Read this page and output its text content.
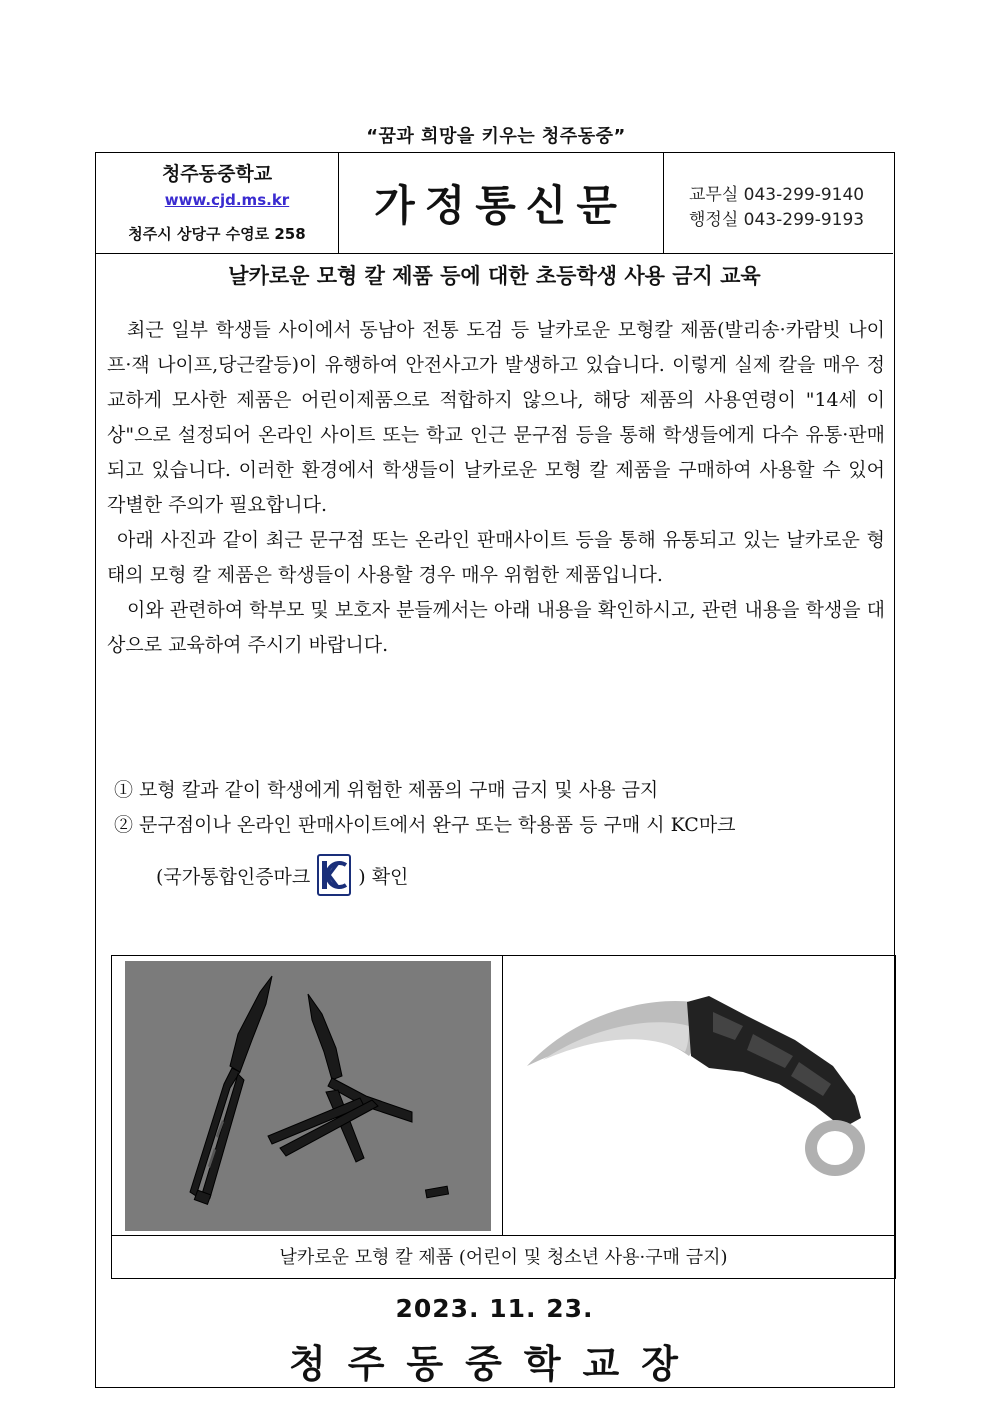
“꿈과 희망을 키우는 청주동중”
청주동중학교
www.cjd.ms.kr
청주시 상당구 수영로 258
가정통신문	교무실 043-299-9140
행정실 043-299-9193
날카로운 모형 칼 제품 등에 대한 초등학생 사용 금지 교육

최근 일부 학생들 사이에서 동남아 전통 도검 등 날카로운 모형칼 제품(발리송·카람빗 나이프·잭 나이프,당근칼등)이 유행하여 안전사고가 발생하고 있습니다. 이렇게 실제 칼을 매우 정교하게 모사한 제품은 어린이제품으로 적합하지 않으나, 해당 제품의 사용연령이 "14세 이상"으로 설정되어 온라인 사이트 또는 학교 인근 문구점 등을 통해 학생들에게 다수 유통·판매되고 있습니다. 이러한 환경에서 학생들이 날카로운 모형 칼 제품을 구매하여 사용할 수 있어 각별한 주의가 필요합니다.

아래 사진과 같이 최근 문구점 또는 온라인 판매사이트 등을 통해 유통되고 있는 날카로운 형태의 모형 칼 제품은 학생들이 사용할 경우 매우 위험한 제품입니다.

이와 관련하여 학부모 및 보호자 분들께서는 아래 내용을 확인하시고, 관련 내용을 학생을 대상으로 교육하여 주시기 바랍니다.

① 모형 칼과 같이 학생에게 위험한 제품의 구매 금지 및 사용 금지
② 문구점이나 온라인 판매사이트에서 완구 또는 학용품 등 구매 시 KC마크
(국가통합인증마크	) 확인
날카로운 모형 칼 제품 (어린이 및 청소년 사용·구매 금지)
2023. 11. 23.
청주동중학교장
